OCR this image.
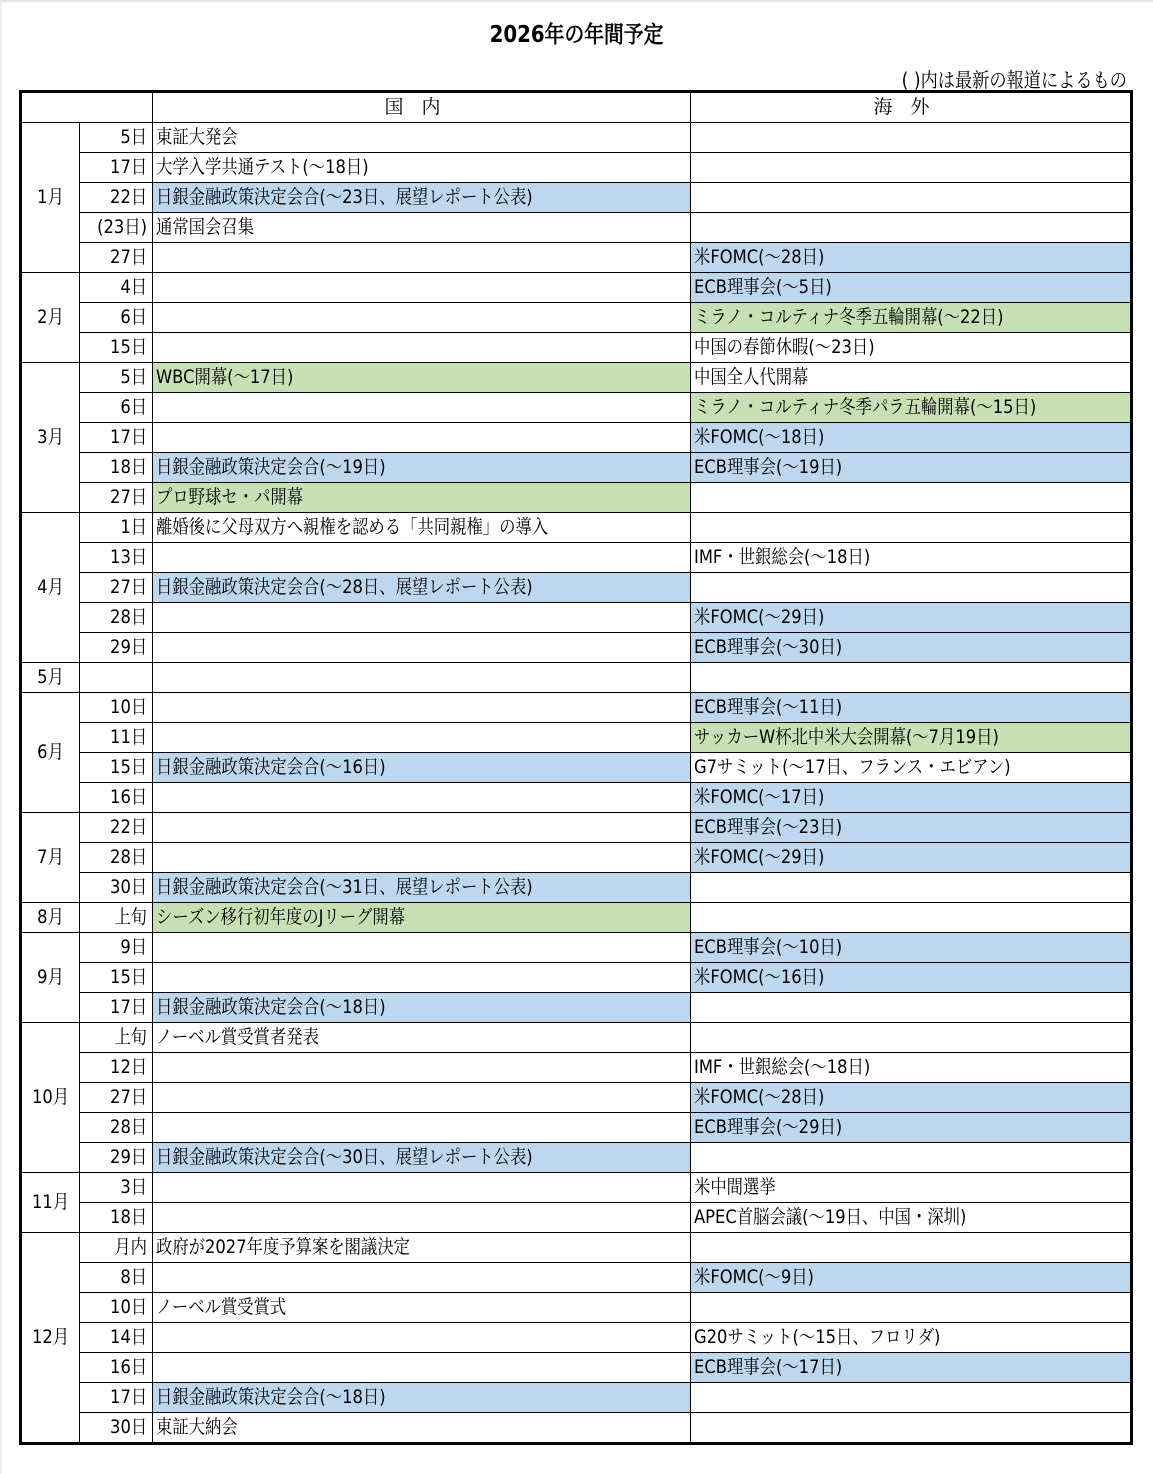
2026年の年間予定
( )内は最新の報道によるもの
		国内	海外
1月	5日	東証大発会	
	17日	大学入学共通テスト(～18日)	
	22日	日銀金融政策決定会合(～23日、展望レポート公表)	
	(23日)	通常国会召集	
	27日		米FOMC(～28日)
2月	4日		ECB理事会(～5日)
	6日		ミラノ・コルティナ冬季五輪開幕(～22日)
	15日		中国の春節休暇(～23日)
3月	5日	WBC開幕(～17日)	中国全人代開幕
	6日		ミラノ・コルティナ冬季パラ五輪開幕(～15日)
	17日		米FOMC(～18日)
	18日	日銀金融政策決定会合(～19日)	ECB理事会(～19日)
	27日	プロ野球セ・パ開幕	
4月	1日	離婚後に父母双方へ親権を認める「共同親権」の導入	
	13日		IMF・世銀総会(～18日)
	27日	日銀金融政策決定会合(～28日、展望レポート公表)	
	28日		米FOMC(～29日)
	29日		ECB理事会(～30日)
5月			
6月	10日		ECB理事会(～11日)
	11日		サッカーW杯北中米大会開幕(～7月19日)
	15日	日銀金融政策決定会合(～16日)	G7サミット(～17日、フランス・エビアン)
	16日		米FOMC(～17日)
7月	22日		ECB理事会(～23日)
	28日		米FOMC(～29日)
	30日	日銀金融政策決定会合(～31日、展望レポート公表)	
8月	上旬	シーズン移行初年度のJリーグ開幕	
9月	9日		ECB理事会(～10日)
	15日		米FOMC(～16日)
	17日	日銀金融政策決定会合(～18日)	
10月	上旬	ノーベル賞受賞者発表	
	12日		IMF・世銀総会(～18日)
	27日		米FOMC(～28日)
	28日		ECB理事会(～29日)
	29日	日銀金融政策決定会合(～30日、展望レポート公表)	
11月	3日		米中間選挙
	18日		APEC首脳会議(～19日、中国・深圳)
12月	月内	政府が2027年度予算案を閣議決定	
	8日		米FOMC(～9日)
	10日	ノーベル賞受賞式	
	14日		G20サミット(～15日、フロリダ)
	16日		ECB理事会(～17日)
	17日	日銀金融政策決定会合(～18日)	
	30日	東証大納会	
